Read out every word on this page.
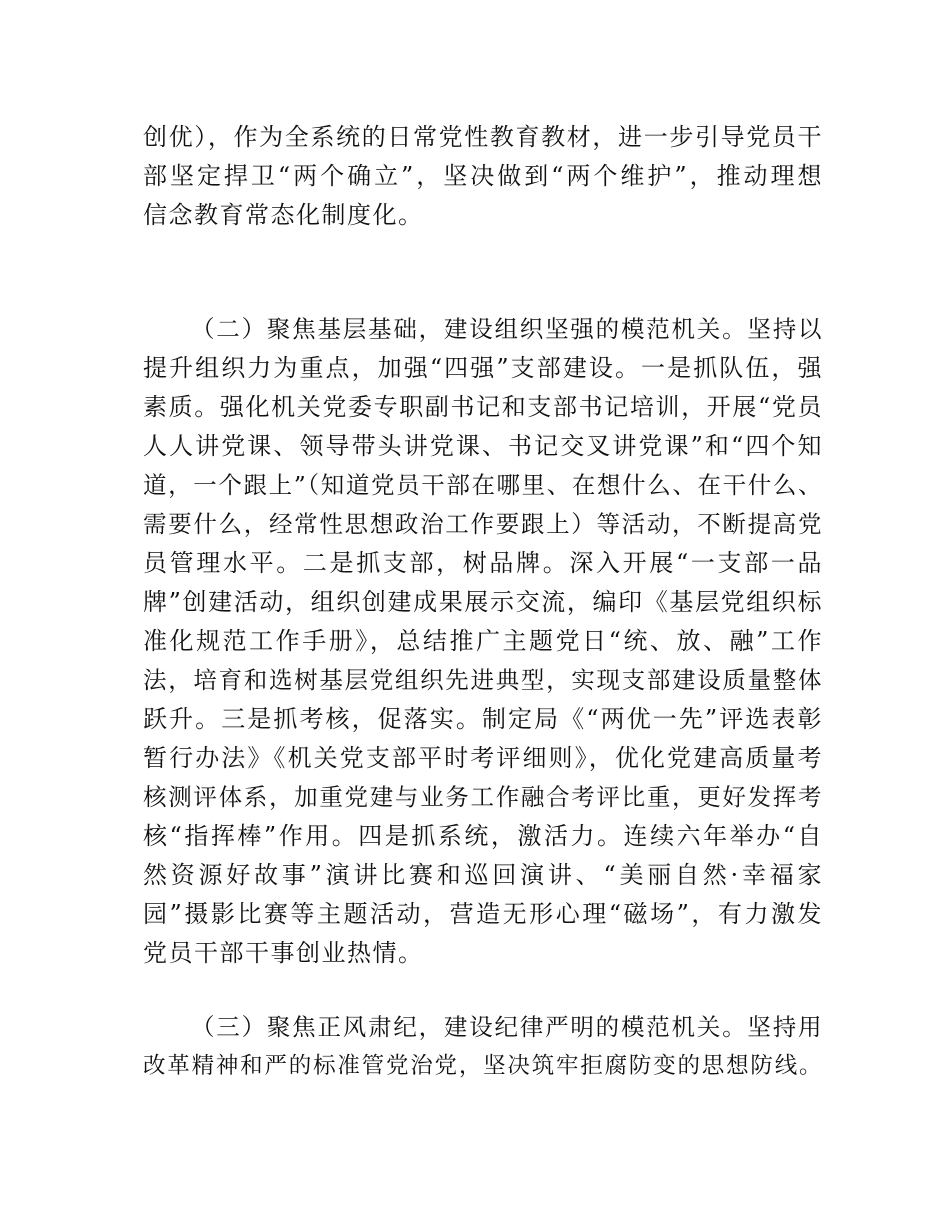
创优），作为全系统的日常党性教育教材，进一步引导党员干
部坚定捍卫“两个确立”，坚决做到“两个维护”，推动理想
信念教育常态化制度化。
（二）聚焦基层基础，建设组织坚强的模范机关。坚持以
提升组织力为重点，加强“四强”支部建设。一是抓队伍，强
素质。强化机关党委专职副书记和支部书记培训，开展“党员
人人讲党课、领导带头讲党课、书记交叉讲党课”和“四个知
道，一个跟上”（知道党员干部在哪里、在想什么、在干什么、
需要什么，经常性思想政治工作要跟上）等活动，不断提高党
员管理水平。二是抓支部，树品牌。深入开展“一支部一品
牌”创建活动，组织创建成果展示交流，编印《基层党组织标
准化规范工作手册》，总结推广主题党日“统、放、融”工作
法，培育和选树基层党组织先进典型，实现支部建设质量整体
跃升。三是抓考核，促落实。制定局《“两优一先”评选表彰
暂行办法》《机关党支部平时考评细则》，优化党建高质量考
核测评体系，加重党建与业务工作融合考评比重，更好发挥考
核“指挥棒”作用。四是抓系统，激活力。连续六年举办“自
然资源好故事”演讲比赛和巡回演讲、“美丽自然·幸福家
园”摄影比赛等主题活动，营造无形心理“磁场”，有力激发
党员干部干事创业热情。
（三）聚焦正风肃纪，建设纪律严明的模范机关。坚持用
改革精神和严的标准管党治党，坚决筑牢拒腐防变的思想防线。
